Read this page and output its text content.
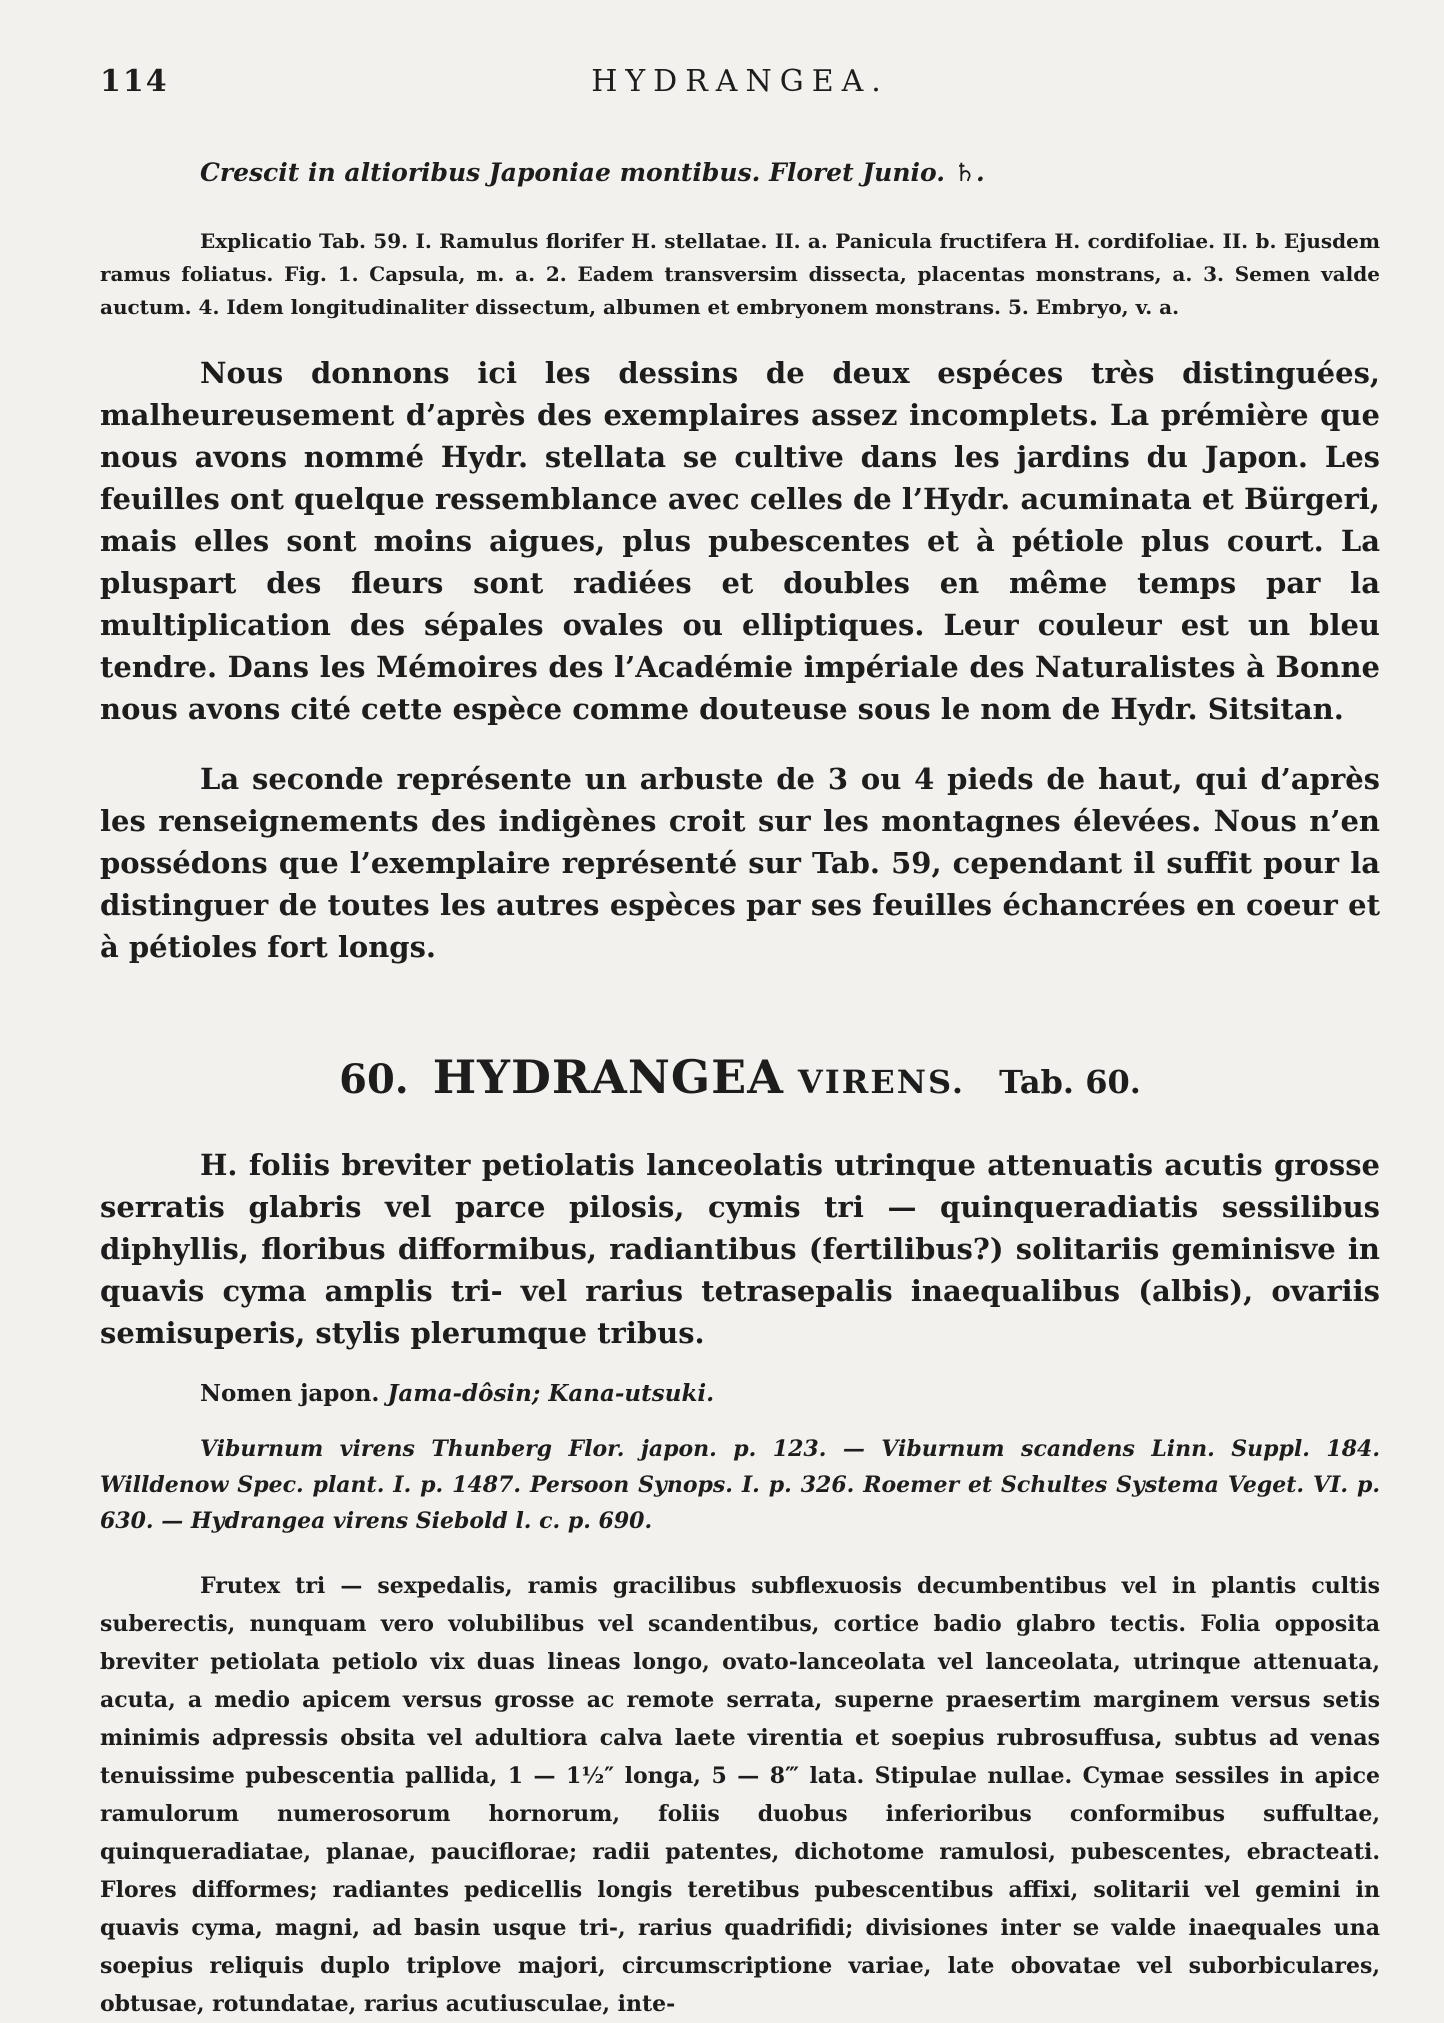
114	HYDRANGEA.
Crescit in altioribus Japoniae montibus. Floret Junio. ♄.
Explicatio Tab. 59. I. Ramulus florifer H. stellatae. II. a. Panicula fructifera H. cordifoliae. II. b. Ejusdem ramus foliatus. Fig. 1. Capsula, m. a. 2. Eadem transversim dissecta, placentas monstrans, a. 3. Semen valde auctum. 4. Idem longitudinaliter dissectum, albumen et embryonem monstrans. 5. Embryo, v. a.

Nous donnons ici les dessins de deux espéces très distinguées, malheureusement d’après des exemplaires assez incomplets. La prémière que nous avons nommé Hydr. stellata se cultive dans les jardins du Japon. Les feuilles ont quelque ressemblance avec celles de l’Hydr. acuminata et Bürgeri, mais elles sont moins aigues, plus pubescentes et à pétiole plus court. La pluspart des fleurs sont radiées et doubles en même temps par la multiplication des sépales ovales ou elliptiques. Leur couleur est un bleu tendre. Dans les Mémoires des l’Académie impériale des Naturalistes à Bonne nous avons cité cette espèce comme douteuse sous le nom de Hydr. Sitsitan.

La seconde représente un arbuste de 3 ou 4 pieds de haut, qui d’après les renseignements des indigènes croit sur les montagnes élevées. Nous n’en possédons que l’exemplaire représenté sur Tab. 59, cependant il suffit pour la distinguer de toutes les autres espèces par ses feuilles échancrées en coeur et à pétioles fort longs.

60. HYDRANGEA VIRENS. Tab. 60.
H. foliis breviter petiolatis lanceolatis utrinque attenuatis acutis grosse serratis glabris vel parce pilosis, cymis tri — quinqueradiatis sessilibus diphyllis, floribus difformibus, radiantibus (fertilibus?) solitariis geminisve in quavis cyma amplis tri- vel rarius tetrasepalis inaequalibus (albis), ovariis semisuperis, stylis plerumque tribus.
Nomen japon. Jama-dôsin; Kana-utsuki.
Viburnum virens Thunberg Flor. japon. p. 123. — Viburnum scandens Linn. Suppl. 184. Willdenow Spec. plant. I. p. 1487. Persoon Synops. I. p. 326. Roemer et Schultes Systema Veget. VI. p. 630. — Hydrangea virens Siebold l. c. p. 690.
Frutex tri — sexpedalis, ramis gracilibus subflexuosis decumbentibus vel in plantis cultis suberectis, nunquam vero volubilibus vel scandentibus, cortice badio glabro tectis. Folia opposita breviter petiolata petiolo vix duas lineas longo, ovato-lanceolata vel lanceolata, utrinque attenuata, acuta, a medio apicem versus grosse ac remote serrata, superne praesertim marginem versus setis minimis adpressis obsita vel adultiora calva laete virentia et soepius rubrosuffusa, subtus ad venas tenuissime pubescentia pallida, 1 — 1½″ longa, 5 — 8‴ lata. Stipulae nullae. Cymae sessiles in apice ramulorum numerosorum hornorum, foliis duobus inferioribus conformibus suffultae, quinqueradiatae, planae, pauciflorae; radii patentes, dichotome ramulosi, pubescentes, ebracteati. Flores difformes; radiantes pedicellis longis teretibus pubescentibus affixi, solitarii vel gemini in quavis cyma, magni, ad basin usque tri-, rarius quadrifidi; divisiones inter se valde inaequales una soepius reliquis duplo triplove majori, circumscriptione variae, late obovatae vel suborbiculares, obtusae, rotundatae, rarius acutiusculae, inte-
